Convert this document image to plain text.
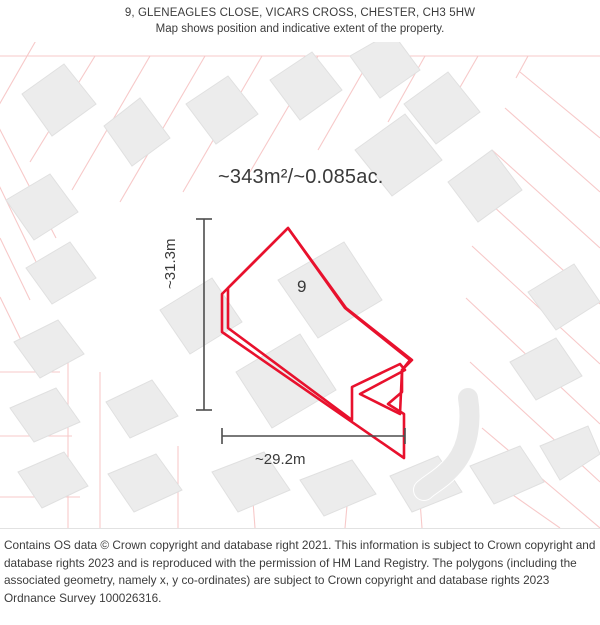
9, GLENEAGLES CLOSE, VICARS CROSS, CHESTER, CH3 5HW
Map shows position and indicative extent of the property.
~343m²/~0.085ac.
9
~29.2m
~31.3m

Contains OS data © Crown copyright and database right 2021. This information is subject to Crown copyright and database rights 2023 and is reproduced with the permission of HM Land Registry. The polygons (including the associated geometry, namely x, y co-ordinates) are subject to Crown copyright and database rights 2023 Ordnance Survey 100026316.
